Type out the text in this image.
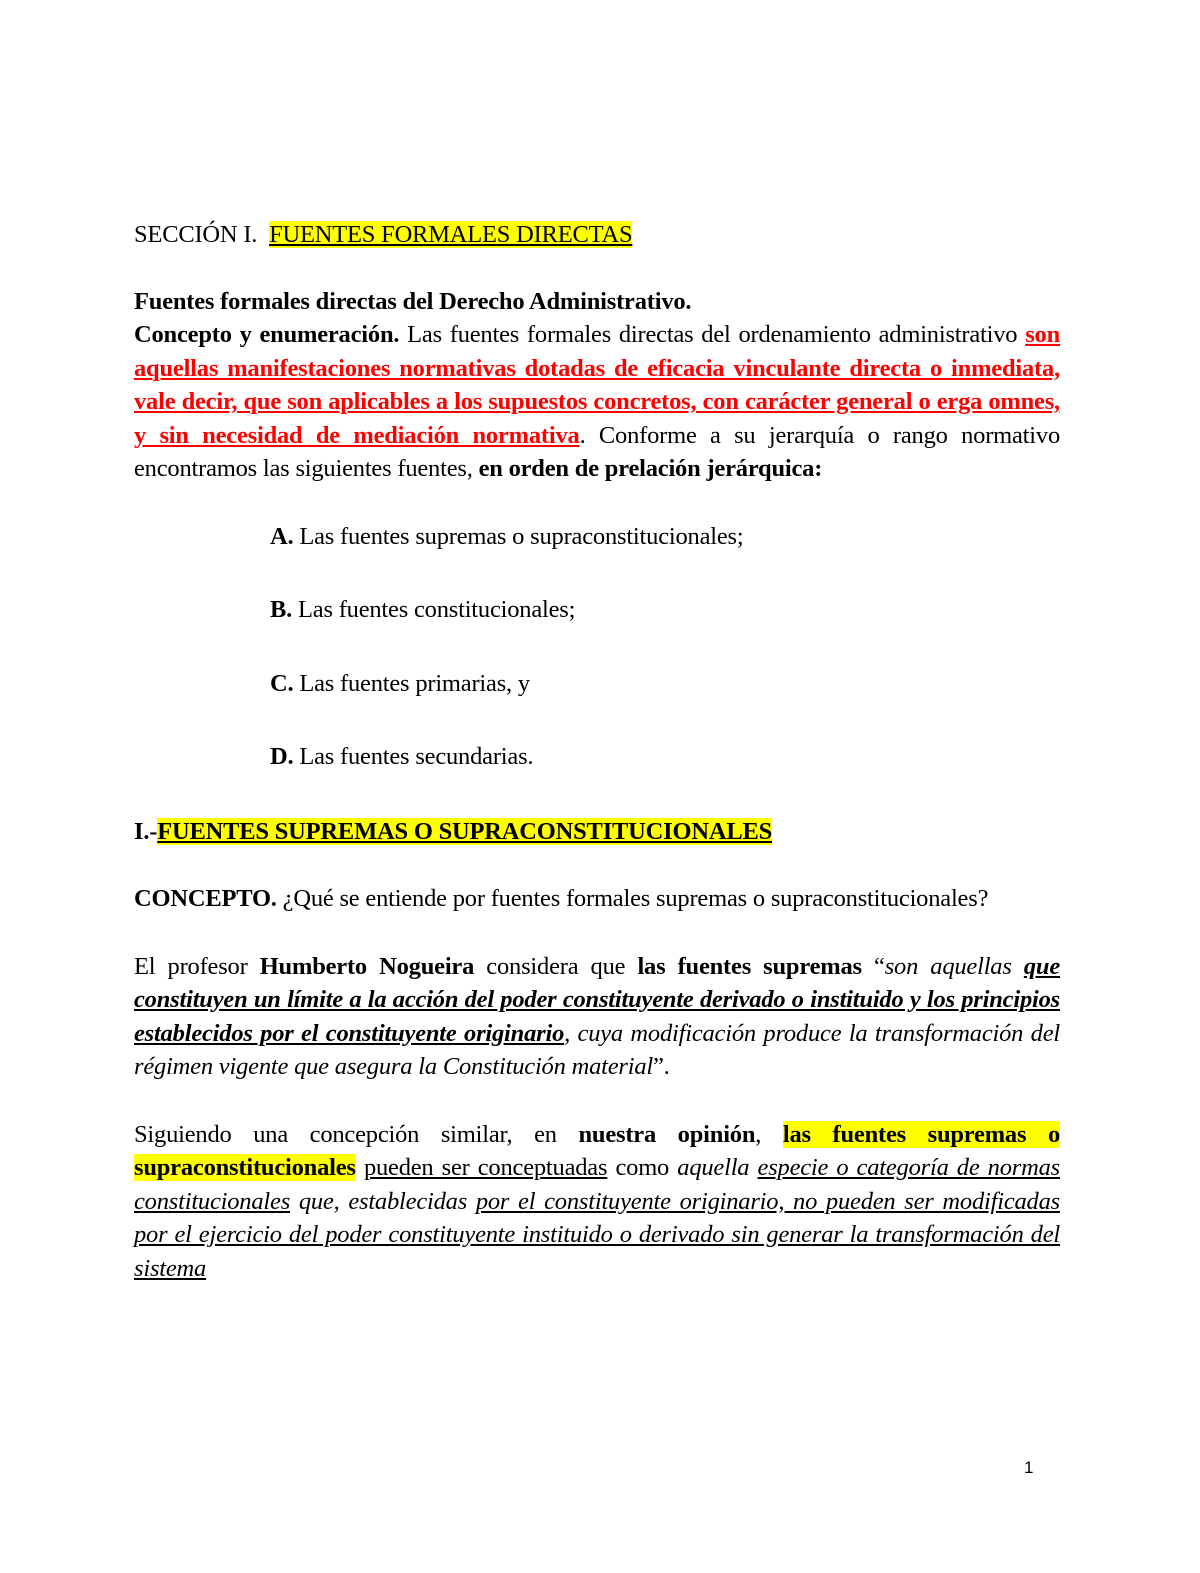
SECCIÓN I.  FUENTES FORMALES DIRECTAS

Fuentes formales directas del Derecho Administrativo.

Concepto y enumeración. Las fuentes formales directas del ordenamiento administrativo son aquellas manifestaciones normativas dotadas de eficacia vinculante directa o inmediata, vale decir, que son aplicables a los supuestos concretos, con carácter general o erga omnes, y sin necesidad de mediación normativa. Conforme a su jerarquía o rango normativo encontramos las siguientes fuentes, en orden de prelación jerárquica:

A. Las fuentes supremas o supraconstitucionales;

B. Las fuentes constitucionales;

C. Las fuentes primarias, y

D. Las fuentes secundarias.

I.-FUENTES SUPREMAS O SUPRACONSTITUCIONALES

CONCEPTO. ¿Qué se entiende por fuentes formales supremas o supraconstitucionales?

El profesor Humberto Nogueira considera que las fuentes supremas “son aquellas que constituyen un límite a la acción del poder constituyente derivado o instituido y los principios establecidos por el constituyente originario, cuya modificación produce la transformación del régimen vigente que asegura la Constitución material”.

Siguiendo una concepción similar, en nuestra opinión, las fuentes supremas o supraconstitucionales pueden ser conceptuadas como aquella especie o categoría de normas constitucionales que, establecidas por el constituyente originario, no pueden ser modificadas por el ejercicio del poder constituyente instituido o derivado sin generar la transformación del sistema

1
